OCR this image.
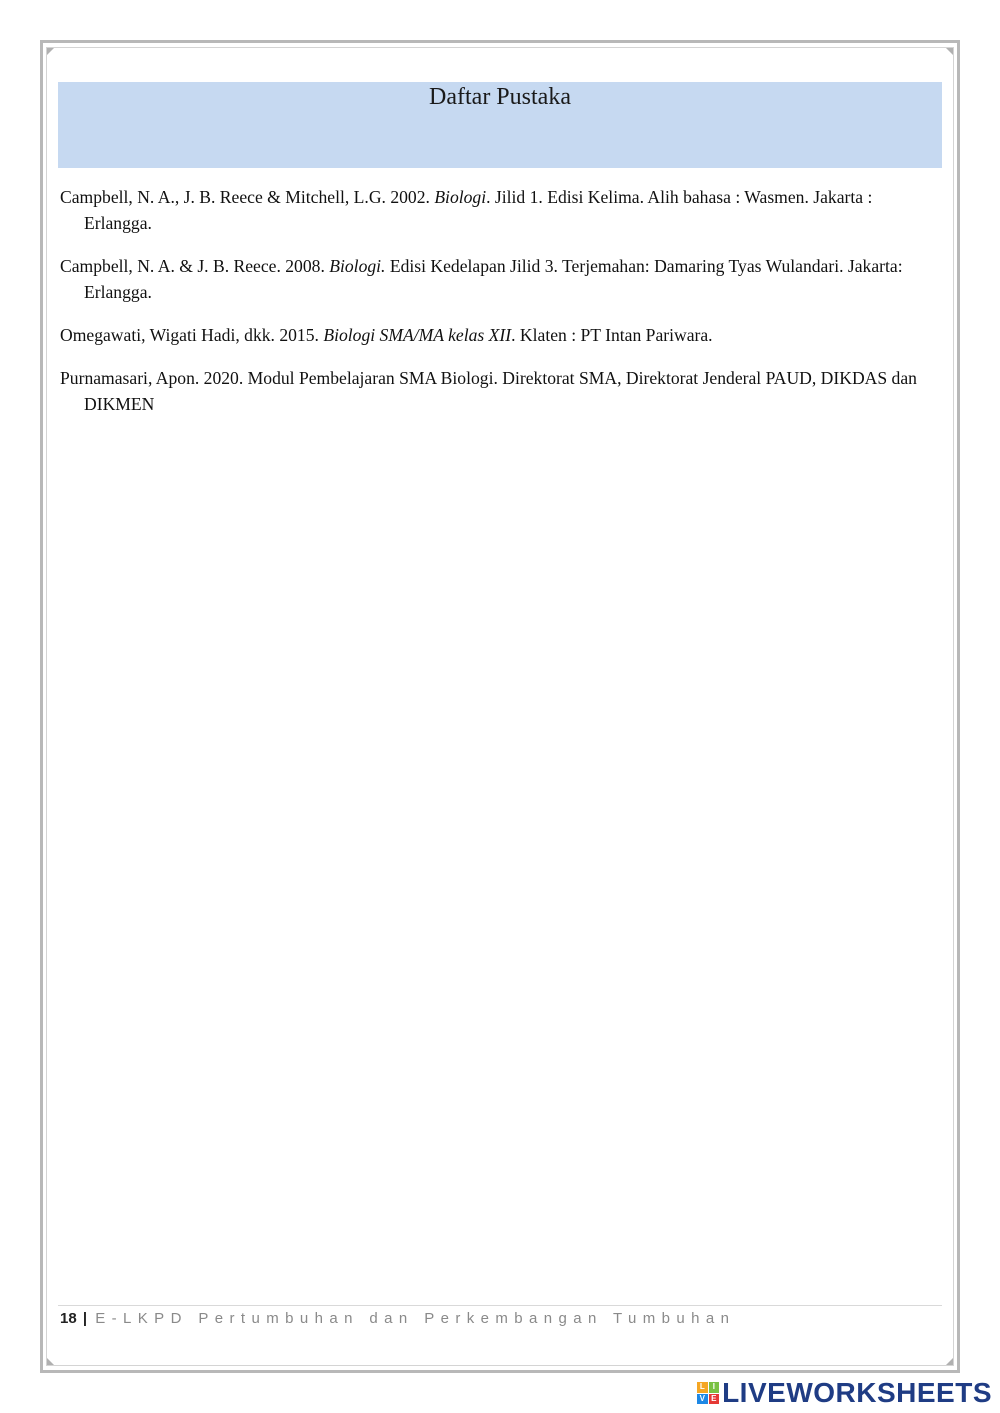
Daftar Pustaka

Campbell, N. A., J. B. Reece & Mitchell, L.G. 2002. Biologi. Jilid 1. Edisi Kelima. Alih bahasa : Wasmen. Jakarta : Erlangga.

Campbell, N. A. & J. B. Reece. 2008. Biologi. Edisi Kedelapan Jilid 3. Terjemahan: Damaring Tyas Wulandari. Jakarta: Erlangga.

Omegawati, Wigati Hadi, dkk. 2015. Biologi SMA/MA kelas XII. Klaten : PT Intan Pariwara.

Purnamasari, Apon. 2020. Modul Pembelajaran SMA Biologi. Direktorat SMA, Direktorat Jenderal PAUD, DIKDAS dan DIKMEN

18 | E-LKPD Pertumbuhan dan Perkembangan Tumbuhan
L I
V E LIVEWORKSHEETS
